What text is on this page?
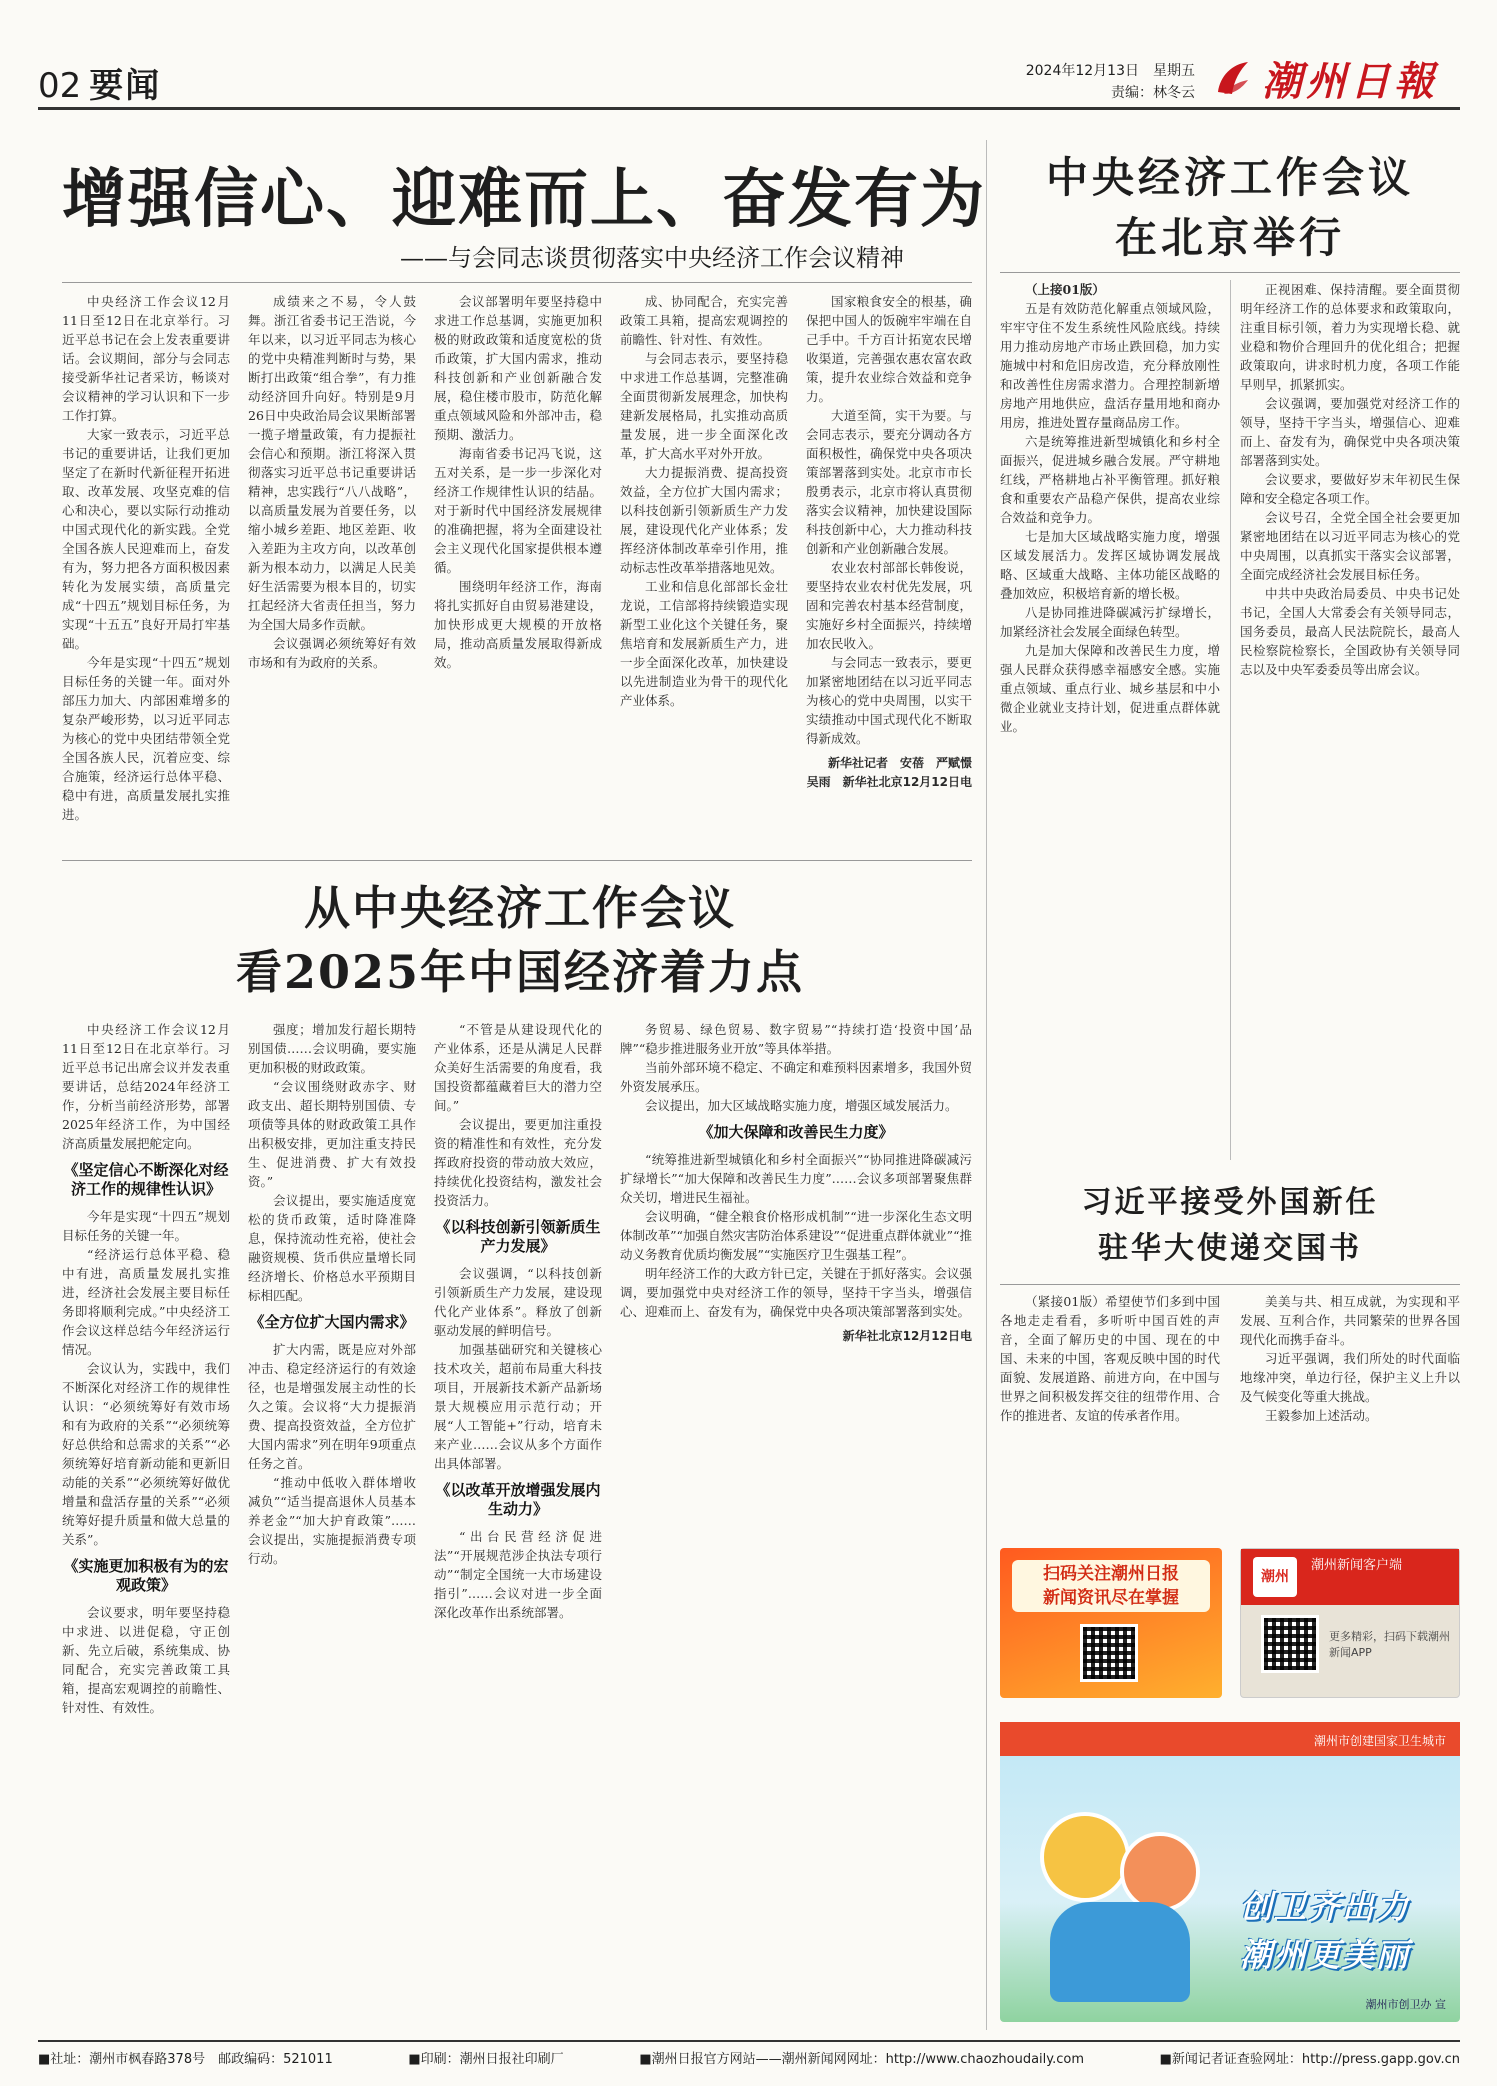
02 要闻	2024年12月13日　星期五
责编：林冬云 潮州日報
增强信心、迎难而上、奋发有为
——与会同志谈贯彻落实中央经济工作会议精神

中央经济工作会议12月11日至12日在北京举行。习近平总书记在会上发表重要讲话。会议期间，部分与会同志接受新华社记者采访，畅谈对会议精神的学习认识和下一步工作打算。

大家一致表示，习近平总书记的重要讲话，让我们更加坚定了在新时代新征程开拓进取、改革发展、攻坚克难的信心和决心，要以实际行动推动中国式现代化的新实践。全党全国各族人民迎难而上，奋发有为，努力把各方面积极因素转化为发展实绩，高质量完成“十四五”规划目标任务，为实现“十五五”良好开局打牢基础。

今年是实现“十四五”规划目标任务的关键一年。面对外部压力加大、内部困难增多的复杂严峻形势，以习近平同志为核心的党中央团结带领全党全国各族人民，沉着应变、综合施策，经济运行总体平稳、稳中有进，高质量发展扎实推进。

成绩来之不易，令人鼓舞。浙江省委书记王浩说，今年以来，以习近平同志为核心的党中央精准判断时与势，果断打出政策“组合拳”，有力推动经济回升向好。特别是9月26日中央政治局会议果断部署一揽子增量政策，有力提振社会信心和预期。浙江将深入贯彻落实习近平总书记重要讲话精神，忠实践行“八八战略”，以高质量发展为首要任务，以缩小城乡差距、地区差距、收入差距为主攻方向，以改革创新为根本动力，以满足人民美好生活需要为根本目的，切实扛起经济大省责任担当，努力为全国大局多作贡献。

会议强调必须统筹好有效市场和有为政府的关系。

会议部署明年要坚持稳中求进工作总基调，实施更加积极的财政政策和适度宽松的货币政策，扩大国内需求，推动科技创新和产业创新融合发展，稳住楼市股市，防范化解重点领域风险和外部冲击，稳预期、激活力。

海南省委书记冯飞说，这五对关系，是一步一步深化对经济工作规律性认识的结晶。对于新时代中国经济发展规律的准确把握，将为全面建设社会主义现代化国家提供根本遵循。

围绕明年经济工作，海南将扎实抓好自由贸易港建设，加快形成更大规模的开放格局，推动高质量发展取得新成效。

成、协同配合，充实完善政策工具箱，提高宏观调控的前瞻性、针对性、有效性。

与会同志表示，要坚持稳中求进工作总基调，完整准确全面贯彻新发展理念，加快构建新发展格局，扎实推动高质量发展，进一步全面深化改革，扩大高水平对外开放。

大力提振消费、提高投资效益，全方位扩大国内需求；以科技创新引领新质生产力发展，建设现代化产业体系；发挥经济体制改革牵引作用，推动标志性改革举措落地见效。

工业和信息化部部长金壮龙说，工信部将持续锻造实现新型工业化这个关键任务，聚焦培育和发展新质生产力，进一步全面深化改革，加快建设以先进制造业为骨干的现代化产业体系。

国家粮食安全的根基，确保把中国人的饭碗牢牢端在自己手中。千方百计拓宽农民增收渠道，完善强农惠农富农政策，提升农业综合效益和竞争力。

大道至简，实干为要。与会同志表示，要充分调动各方面积极性，确保党中央各项决策部署落到实处。北京市市长殷勇表示，北京市将认真贯彻落实会议精神，加快建设国际科技创新中心，大力推动科技创新和产业创新融合发展。

农业农村部部长韩俊说，要坚持农业农村优先发展，巩固和完善农村基本经营制度，实施好乡村全面振兴，持续增加农民收入。

与会同志一致表示，要更加紧密地团结在以习近平同志为核心的党中央周围，以实干实绩推动中国式现代化不断取得新成效。

新华社记者　安蓓　严赋憬　吴雨　新华社北京12月12日电

从中央经济工作会议
看2025年中国经济着力点

中央经济工作会议12月11日至12日在北京举行。习近平总书记出席会议并发表重要讲话，总结2024年经济工作，分析当前经济形势，部署2025年经济工作，为中国经济高质量发展把舵定向。

《坚定信心不断深化对经济工作的规律性认识》

今年是实现“十四五”规划目标任务的关键一年。

“经济运行总体平稳、稳中有进，高质量发展扎实推进，经济社会发展主要目标任务即将顺利完成。”中央经济工作会议这样总结今年经济运行情况。

会议认为，实践中，我们不断深化对经济工作的规律性认识：“必须统筹好有效市场和有为政府的关系”“必须统筹好总供给和总需求的关系”“必须统筹好培育新动能和更新旧动能的关系”“必须统筹好做优增量和盘活存量的关系”“必须统筹好提升质量和做大总量的关系”。

《实施更加积极有为的宏观政策》

会议要求，明年要坚持稳中求进、以进促稳，守正创新、先立后破，系统集成、协同配合，充实完善政策工具箱，提高宏观调控的前瞻性、针对性、有效性。

强度；增加发行超长期特别国债……会议明确，要实施更加积极的财政政策。

“会议围绕财政赤字、财政支出、超长期特别国债、专项债等具体的财政政策工具作出积极安排，更加注重支持民生、促进消费、扩大有效投资。”

会议提出，要实施适度宽松的货币政策，适时降准降息，保持流动性充裕，使社会融资规模、货币供应量增长同经济增长、价格总水平预期目标相匹配。

《全方位扩大国内需求》

扩大内需，既是应对外部冲击、稳定经济运行的有效途径，也是增强发展主动性的长久之策。会议将“大力提振消费、提高投资效益，全方位扩大国内需求”列在明年9项重点任务之首。

“推动中低收入群体增收减负”“适当提高退休人员基本养老金”“加大护育政策”……会议提出，实施提振消费专项行动。

“不管是从建设现代化的产业体系，还是从满足人民群众美好生活需要的角度看，我国投资都蕴藏着巨大的潜力空间。”

会议提出，要更加注重投资的精准性和有效性，充分发挥政府投资的带动放大效应，持续优化投资结构，激发社会投资活力。

《以科技创新引领新质生产力发展》

会议强调，“以科技创新引领新质生产力发展，建设现代化产业体系”。释放了创新驱动发展的鲜明信号。

加强基础研究和关键核心技术攻关，超前布局重大科技项目，开展新技术新产品新场景大规模应用示范行动；开展“人工智能+”行动，培育未来产业……会议从多个方面作出具体部署。

《以改革开放增强发展内生动力》

“出台民营经济促进法”“开展规范涉企执法专项行动”“制定全国统一大市场建设指引”……会议对进一步全面深化改革作出系统部署。

务贸易、绿色贸易、数字贸易”“持续打造‘投资中国’品牌”“稳步推进服务业开放”等具体举措。

当前外部环境不稳定、不确定和难预料因素增多，我国外贸外资发展承压。

会议提出，加大区域战略实施力度，增强区域发展活力。

《加大保障和改善民生力度》

“统筹推进新型城镇化和乡村全面振兴”“协同推进降碳减污扩绿增长”“加大保障和改善民生力度”……会议多项部署聚焦群众关切，增进民生福祉。

会议明确，“健全粮食价格形成机制”“进一步深化生态文明体制改革”“加强自然灾害防治体系建设”“促进重点群体就业”“推动义务教育优质均衡发展”“实施医疗卫生强基工程”。

明年经济工作的大政方针已定，关键在于抓好落实。会议强调，要加强党中央对经济工作的领导，坚持干字当头，增强信心、迎难而上、奋发有为，确保党中央各项决策部署落到实处。

新华社北京12月12日电

中央经济工作会议
在北京举行

（上接01版）

五是有效防范化解重点领域风险，牢牢守住不发生系统性风险底线。持续用力推动房地产市场止跌回稳，加力实施城中村和危旧房改造，充分释放刚性和改善性住房需求潜力。合理控制新增房地产用地供应，盘活存量用地和商办用房，推进处置存量商品房工作。

六是统筹推进新型城镇化和乡村全面振兴，促进城乡融合发展。严守耕地红线，严格耕地占补平衡管理。抓好粮食和重要农产品稳产保供，提高农业综合效益和竞争力。

七是加大区域战略实施力度，增强区域发展活力。发挥区域协调发展战略、区域重大战略、主体功能区战略的叠加效应，积极培育新的增长极。

八是协同推进降碳减污扩绿增长，加紧经济社会发展全面绿色转型。

九是加大保障和改善民生力度，增强人民群众获得感幸福感安全感。实施重点领域、重点行业、城乡基层和中小微企业就业支持计划，促进重点群体就业。

正视困难、保持清醒。要全面贯彻明年经济工作的总体要求和政策取向，注重目标引领，着力为实现增长稳、就业稳和物价合理回升的优化组合；把握政策取向，讲求时机力度，各项工作能早则早，抓紧抓实。

会议强调，要加强党对经济工作的领导，坚持干字当头，增强信心、迎难而上、奋发有为，确保党中央各项决策部署落到实处。

会议要求，要做好岁末年初民生保障和安全稳定各项工作。

会议号召，全党全国全社会要更加紧密地团结在以习近平同志为核心的党中央周围，以真抓实干落实会议部署，全面完成经济社会发展目标任务。

中共中央政治局委员、中央书记处书记，全国人大常委会有关领导同志，国务委员，最高人民法院院长，最高人民检察院检察长，全国政协有关领导同志以及中央军委委员等出席会议。

习近平接受外国新任
驻华大使递交国书

（紧接01版）希望使节们多到中国各地走走看看，多听听中国百姓的声音，全面了解历史的中国、现在的中国、未来的中国，客观反映中国的时代面貌、发展道路、前进方向，在中国与世界之间积极发挥交往的纽带作用、合作的推进者、友谊的传承者作用。

美美与共、相互成就，为实现和平发展、互利合作，共同繁荣的世界各国现代化而携手奋斗。

习近平强调，我们所处的时代面临地缘冲突，单边行径，保护主义上升以及气候变化等重大挑战。

王毅参加上述活动。

扫码关注潮州日报
新闻资讯尽在掌握
潮州
潮州新闻客户端
更多精彩，扫码下载潮州新闻APP
潮州市创建国家卫生城市
创卫齐出力
潮州更美丽
潮州市创卫办 宣
■社址：潮州市枫春路378号　邮政编码：521011	■印刷：潮州日报社印刷厂	■潮州日报官方网站——潮州新闻网网址：http://www.chaozhoudaily.com	■新闻记者证查验网址：http://press.gapp.gov.cn
